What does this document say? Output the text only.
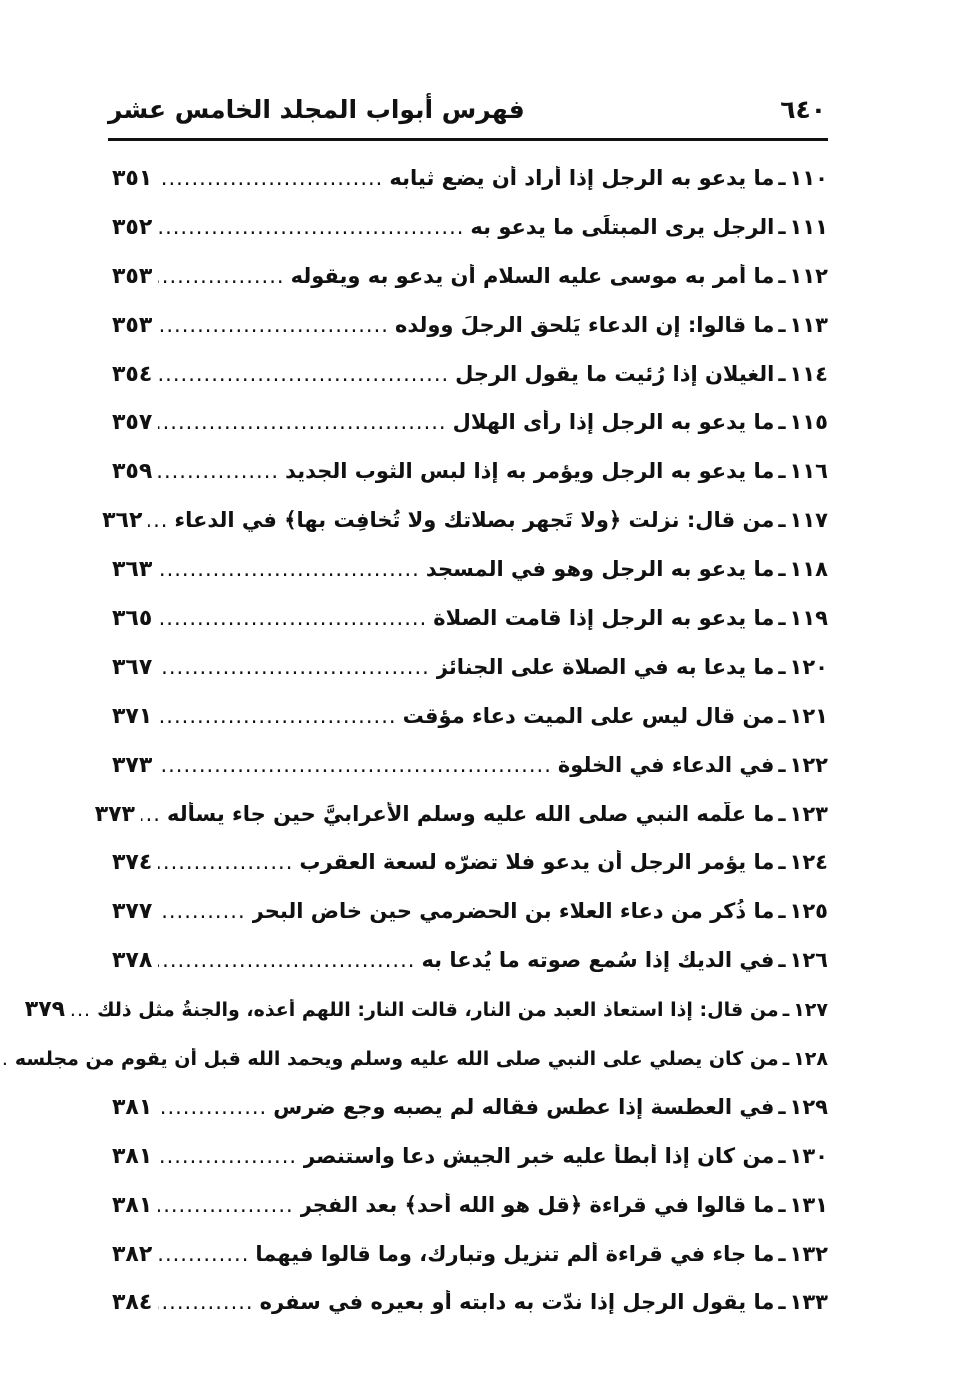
٦٤٠
فهرس أبواب المجلد الخامس عشر
١١٠
ـ
ما يدعو به الرجل إذا أراد أن يضع ثيابه
.....
٣٥١
١١١
ـ
الرجل يرى المبتلَى ما يدعو به
.....
٣٥٢
١١٢
ـ
ما أُمر به موسى عليه السلام أن يدعو به ويقوله
.....
٣٥٣
١١٣
ـ
ما قالوا: إن الدعاء يَلحق الرجلَ وولده
.....
٣٥٣
١١٤
ـ
الغيلان إذا رُئيت ما يقول الرجل
.....
٣٥٤
١١٥
ـ
ما يدعو به الرجل إذا رأى الهلال
.....
٣٥٧
١١٦
ـ
ما يدعو به الرجل ويؤمر به إذا لبس الثوب الجديد
.....
٣٥٩
١١٧
ـ
من قال: نزلت ﴿ولا تَجهر بصلاتك ولا تُخافِت بها﴾ في الدعاء
.....
٣٦٢
١١٨
ـ
ما يدعو به الرجل وهو في المسجد
.....
٣٦٣
١١٩
ـ
ما يدعو به الرجل إذا قامت الصلاة
.....
٣٦٥
١٢٠
ـ
ما يدعا به في الصلاة على الجنائز
.....
٣٦٧
١٢١
ـ
من قال ليس على الميت دعاء مؤقت
.....
٣٧١
١٢٢
ـ
في الدعاء في الخلوة
.....
٣٧٣
١٢٣
ـ
ما علَّمه النبي صلى الله عليه وسلم الأعرابيَّ حين جاء يسأله
.....
٣٧٣
١٢٤
ـ
ما يؤمر الرجل أن يدعو فلا تضرّه لسعة العقرب
.....
٣٧٤
١٢٥
ـ
ما ذُكر من دعاء العلاء بن الحضرمي حين خاض البحر
.....
٣٧٧
١٢٦
ـ
في الديك إذا سُمع صوته ما يُدعا به
.....
٣٧٨
١٢٧
ـ
من قال: إذا استعاذ العبد من النار، قالت النار: اللهم أعذه، والجنةُ مثل ذلك
.....
٣٧٩
١٢٨
ـ
من كان يصلي على النبي صلى الله عليه وسلم ويحمد الله قبل أن يقوم من مجلسه
.....
١٢٩
ـ
في العطسة إذا عطس فقاله لم يصبه وجع ضرس
.....
٣٨١
١٣٠
ـ
من كان إذا أبطأ عليه خبر الجيش دعا واستنصر
.....
٣٨١
١٣١
ـ
ما قالوا في قراءة ﴿قل هو الله أحد﴾ بعد الفجر
.....
٣٨١
١٣٢
ـ
ما جاء في قراءة ألم تنزيل وتبارك، وما قالوا فيهما
.....
٣٨٢
١٣٣
ـ
ما يقول الرجل إذا ندّت به دابته أو بعيره في سفره
.....
٣٨٤
